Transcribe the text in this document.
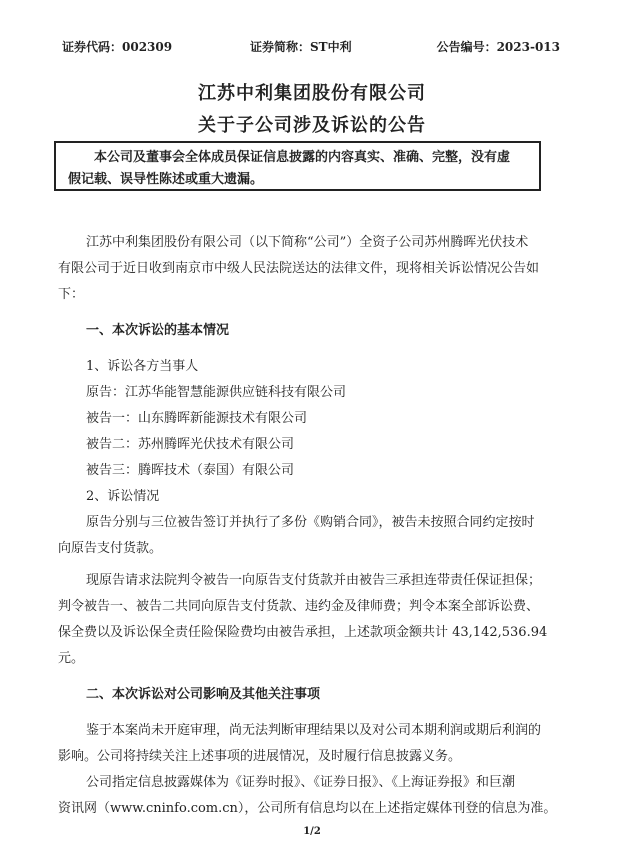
证券代码：002309	证券简称：ST中利	公告编号：2023-013
江苏中利集团股份有限公司
关于子公司涉及诉讼的公告
本公司及董事会全体成员保证信息披露的内容真实、准确、完整，没有虚
假记载、误导性陈述或重大遗漏。
江苏中利集团股份有限公司（以下简称“公司”）全资子公司苏州腾晖光伏技术
有限公司于近日收到南京市中级人民法院送达的法律文件，现将相关诉讼情况公告如
下：
一、本次诉讼的基本情况
1、诉讼各方当事人
原告：江苏华能智慧能源供应链科技有限公司
被告一：山东腾晖新能源技术有限公司
被告二：苏州腾晖光伏技术有限公司
被告三：腾晖技术（泰国）有限公司
2、诉讼情况
原告分别与三位被告签订并执行了多份《购销合同》，被告未按照合同约定按时
向原告支付货款。
现原告请求法院判令被告一向原告支付货款并由被告三承担连带责任保证担保；
判令被告一、被告二共同向原告支付货款、违约金及律师费；判令本案全部诉讼费、
保全费以及诉讼保全责任险保险费均由被告承担，上述款项金额共计 43,142,536.94
元。
二、本次诉讼对公司影响及其他关注事项
鉴于本案尚未开庭审理，尚无法判断审理结果以及对公司本期利润或期后利润的
影响。公司将持续关注上述事项的进展情况，及时履行信息披露义务。
公司指定信息披露媒体为《证券时报》、《证券日报》、《上海证券报》和巨潮
资讯网（www.cninfo.com.cn），公司所有信息均以在上述指定媒体刊登的信息为准。
1/2
